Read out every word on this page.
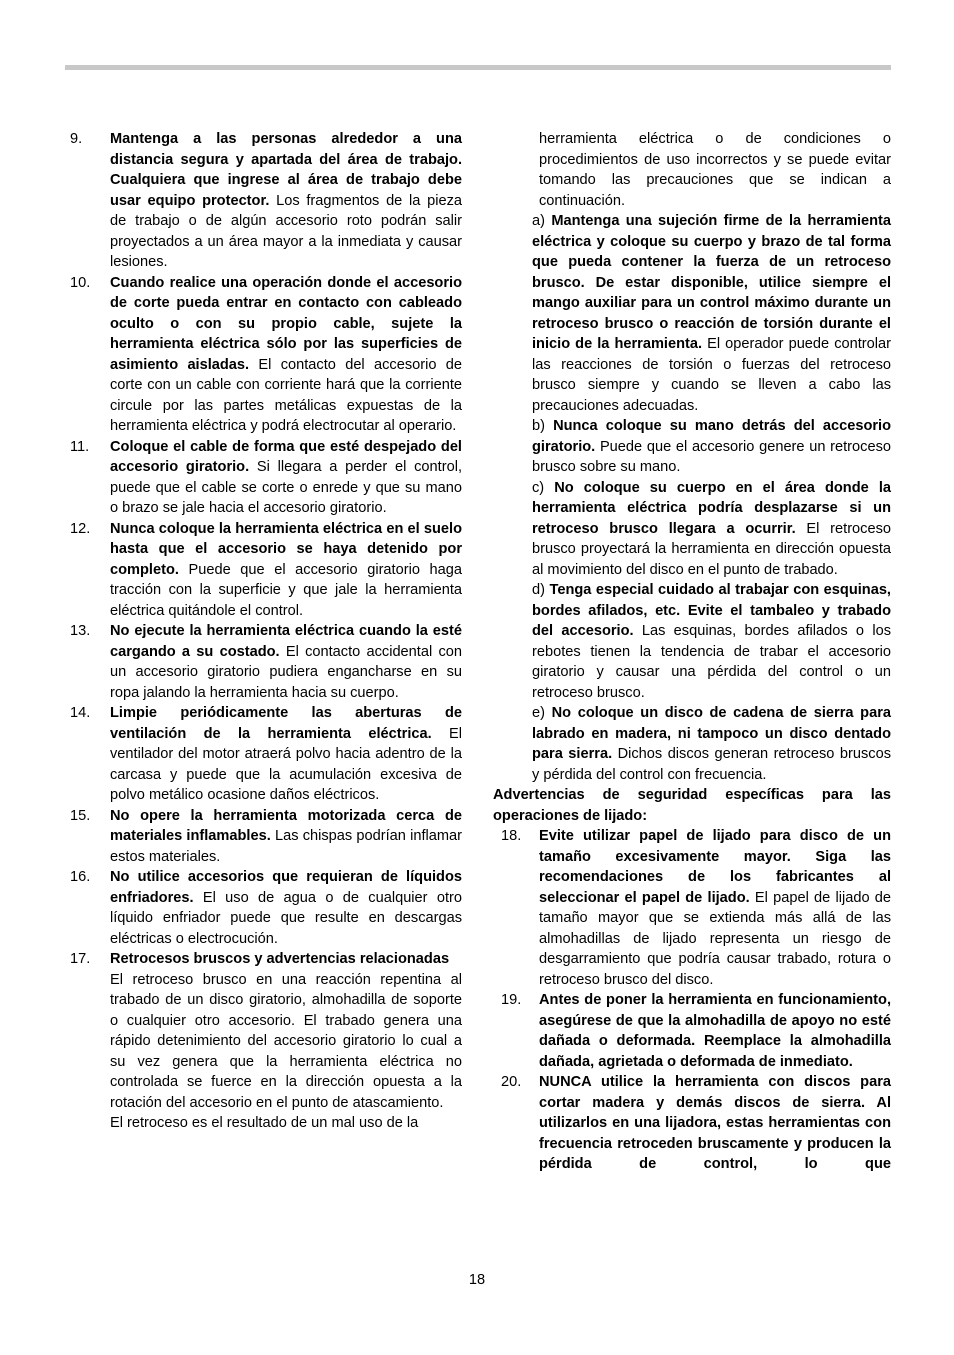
9. Mantenga a las personas alrededor a una distancia segura y apartada del área de trabajo. Cualquiera que ingrese al área de trabajo debe usar equipo protector. Los fragmentos de la pieza de trabajo o de algún accesorio roto podrán salir proyectados a un área mayor a la inmediata y causar lesiones.

10. Cuando realice una operación donde el accesorio de corte pueda entrar en contacto con cableado oculto o con su propio cable, sujete la herramienta eléctrica sólo por las superficies de asimiento aisladas. El contacto del accesorio de corte con un cable con corriente hará que la corriente circule por las partes metálicas expuestas de la herramienta eléctrica y podrá electrocutar al operario.

11. Coloque el cable de forma que esté despejado del accesorio giratorio. Si llegara a perder el control, puede que el cable se corte o enrede y que su mano o brazo se jale hacia el accesorio giratorio.

12. Nunca coloque la herramienta eléctrica en el suelo hasta que el accesorio se haya detenido por completo. Puede que el accesorio giratorio haga tracción con la superficie y que jale la herramienta eléctrica quitándole el control.

13. No ejecute la herramienta eléctrica cuando la esté cargando a su costado. El contacto accidental con un accesorio giratorio pudiera engancharse en su ropa jalando la herramienta hacia su cuerpo.

14. Limpie periódicamente las aberturas de ventilación de la herramienta eléctrica. El ventilador del motor atraerá polvo hacia adentro de la carcasa y puede que la acumulación excesiva de polvo metálico ocasione daños eléctricos.

15. No opere la herramienta motorizada cerca de materiales inflamables. Las chispas podrían inflamar estos materiales.

16. No utilice accesorios que requieran de líquidos enfriadores. El uso de agua o de cualquier otro líquido enfriador puede que resulte en descargas eléctricas o electrocución.

17. Retrocesos bruscos y advertencias relacionadas

El retroceso brusco en una reacción repentina al trabado de un disco giratorio, almohadilla de soporte o cualquier otro accesorio. El trabado genera una rápido detenimiento del accesorio giratorio lo cual a su vez genera que la herramienta eléctrica no controlada se fuerce en la dirección opuesta a la rotación del accesorio en el punto de atascamiento.

El retroceso es el resultado de un mal uso de la

herramienta eléctrica o de condiciones o procedimientos de uso incorrectos y se puede evitar tomando las precauciones que se indican a continuación.

a) Mantenga una sujeción firme de la herramienta eléctrica y coloque su cuerpo y brazo de tal forma que pueda contener la fuerza de un retroceso brusco. De estar disponible, utilice siempre el mango auxiliar para un control máximo durante un retroceso brusco o reacción de torsión durante el inicio de la herramienta. El operador puede controlar las reacciones de torsión o fuerzas del retroceso brusco siempre y cuando se lleven a cabo las precauciones adecuadas.

b) Nunca coloque su mano detrás del accesorio giratorio. Puede que el accesorio genere un retroceso brusco sobre su mano.

c) No coloque su cuerpo en el área donde la herramienta eléctrica podría desplazarse si un retroceso brusco llegara a ocurrir. El retroceso brusco proyectará la herramienta en dirección opuesta al movimiento del disco en el punto de trabado.

d) Tenga especial cuidado al trabajar con esquinas, bordes afilados, etc. Evite el tambaleo y trabado del accesorio. Las esquinas, bordes afilados o los rebotes tienen la tendencia de trabar el accesorio giratorio y causar una pérdida del control o un retroceso brusco.

e) No coloque un disco de cadena de sierra para labrado en madera, ni tampoco un disco dentado para sierra. Dichos discos generan retroceso bruscos y pérdida del control con frecuencia.

Advertencias de seguridad específicas para las operaciones de lijado:

18. Evite utilizar papel de lijado para disco de un tamaño excesivamente mayor. Siga las recomendaciones de los fabricantes al seleccionar el papel de lijado. El papel de lijado de tamaño mayor que se extienda más allá de las almohadillas de lijado representa un riesgo de desgarramiento que podría causar trabado, rotura o retroceso brusco del disco.

19. Antes de poner la herramienta en funcionamiento, asegúrese de que la almohadilla de apoyo no esté dañada o deformada. Reemplace la almohadilla dañada, agrietada o deformada de inmediato.

20. NUNCA utilice la herramienta con discos para cortar madera y demás discos de sierra. Al utilizarlos en una lijadora, estas herramientas con frecuencia retroceden bruscamente y producen la pérdida de control, lo que

18
